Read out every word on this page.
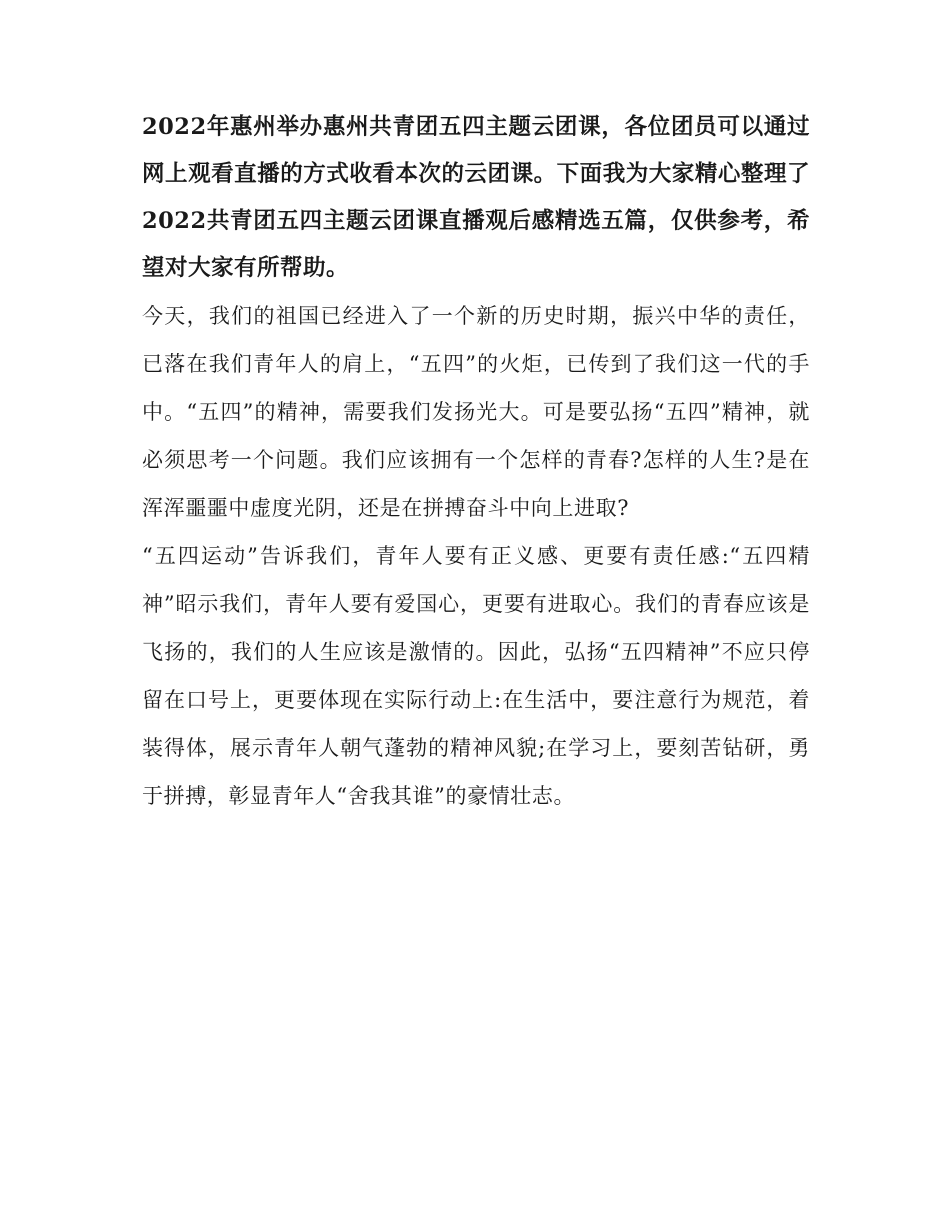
2022年惠州举办惠州共青团五四主题云团课，各位团员可以通过网上观看直播的方式收看本次的云团课。下面我为大家精心整理了2022共青团五四主题云团课直播观后感精选五篇，仅供参考，希望对大家有所帮助。

今天，我们的祖国已经进入了一个新的历史时期，振兴中华的责任，已落在我们青年人的肩上，“五四”的火炬，已传到了我们这一代的手中。“五四”的精神，需要我们发扬光大。可是要弘扬“五四”精神，就必须思考一个问题。我们应该拥有一个怎样的青春?怎样的人生?是在浑浑噩噩中虚度光阴，还是在拼搏奋斗中向上进取?

“五四运动”告诉我们，青年人要有正义感、更要有责任感:“五四精神”昭示我们，青年人要有爱国心，更要有进取心。我们的青春应该是飞扬的，我们的人生应该是激情的。因此，弘扬“五四精神”不应只停留在口号上，更要体现在实际行动上:在生活中，要注意行为规范，着装得体，展示青年人朝气蓬勃的精神风貌;在学习上，要刻苦钻研，勇于拼搏，彰显青年人“舍我其谁”的豪情壮志。
